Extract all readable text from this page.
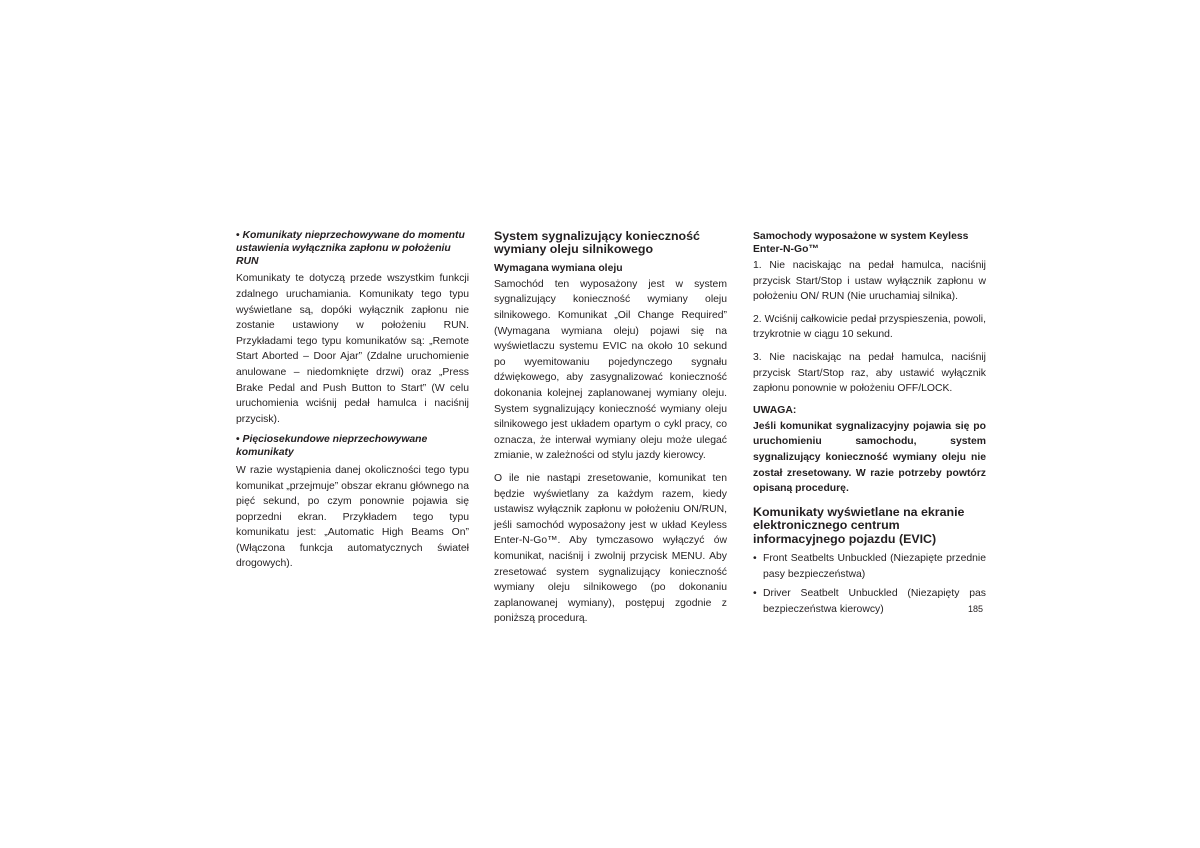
• Komunikaty nieprzechowywane do momentu ustawienia wyłącznika zapłonu w położeniu RUN

Komunikaty te dotyczą przede wszystkim funkcji zdalnego uruchamiania. Komunikaty tego typu wyświetlane są, dopóki wyłącznik zapłonu nie zostanie ustawiony w położeniu RUN. Przykładami tego typu komunikatów są: „Remote Start Aborted – Door Ajar” (Zdalne uruchomienie anulowane – niedomknięte drzwi) oraz „Press Brake Pedal and Push Button to Start” (W celu uruchomienia wciśnij pedał hamulca i naciśnij przycisk).

• Pięciosekundowe nieprzechowywane komunikaty

W razie wystąpienia danej okoliczności tego typu komunikat „przejmuje” obszar ekranu głównego na pięć sekund, po czym ponownie pojawia się poprzedni ekran. Przykładem tego typu komunikatu jest: „Automatic High Beams On” (Włączona funkcja automatycznych świateł drogowych).

System sygnalizujący konieczność wymiany oleju silnikowego
Wymagana wymiana oleju

Samochód ten wyposażony jest w system sygnalizujący konieczność wymiany oleju silnikowego. Komunikat „Oil Change Required” (Wymagana wymiana oleju) pojawi się na wyświetlaczu systemu EVIC na około 10 sekund po wyemitowaniu pojedynczego sygnału dźwiękowego, aby zasygnalizować konieczność dokonania kolejnej zaplanowanej wymiany oleju. System sygnalizujący konieczność wymiany oleju silnikowego jest układem opartym o cykl pracy, co oznacza, że interwał wymiany oleju może ulegać zmianie, w zależności od stylu jazdy kierowcy.

O ile nie nastąpi zresetowanie, komunikat ten będzie wyświetlany za każdym razem, kiedy ustawisz wyłącznik zapłonu w położeniu ON/RUN, jeśli samochód wyposażony jest w układ Keyless Enter-N-Go™. Aby tymczasowo wyłączyć ów komunikat, naciśnij i zwolnij przycisk MENU. Aby zresetować system sygnalizujący konieczność wymiany oleju silnikowego (po dokonaniu zaplanowanej wymiany), postępuj zgodnie z poniższą procedurą.

Samochody wyposażone w system Keyless Enter-N-Go™

1. Nie naciskając na pedał hamulca, naciśnij przycisk Start/Stop i ustaw wyłącznik zapłonu w położeniu ON/ RUN (Nie uruchamiaj silnika).

2. Wciśnij całkowicie pedał przyspieszenia, powoli, trzykrotnie w ciągu 10 sekund.

3. Nie naciskając na pedał hamulca, naciśnij przycisk Start/Stop raz, aby ustawić wyłącznik zapłonu ponownie w położeniu OFF/LOCK.

UWAGA:

Jeśli komunikat sygnalizacyjny pojawia się po uruchomieniu samochodu, system sygnalizujący konieczność wymiany oleju nie został zresetowany. W razie potrzeby powtórz opisaną procedurę.

Komunikaty wyświetlane na ekranie elektronicznego centrum informacyjnego pojazdu (EVIC)
• Front Seatbelts Unbuckled (Niezapięte przednie pasy bezpieczeństwa)
• Driver Seatbelt Unbuckled (Niezapięty pas bezpieczeństwa kierowcy)	185
